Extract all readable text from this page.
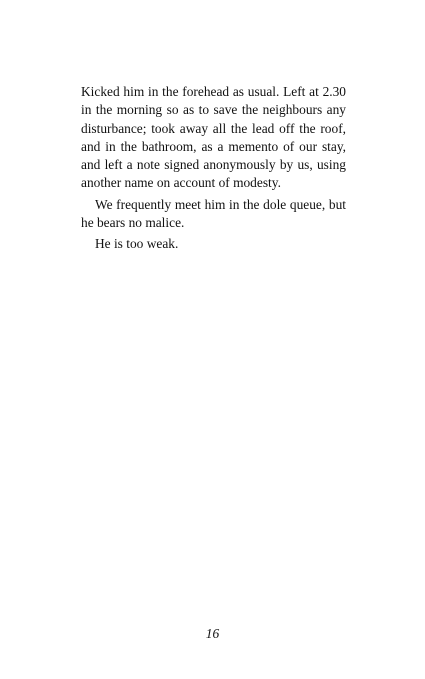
Kicked him in the forehead as usual. Left at 2.30 in the morning so as to save the neighbours any disturbance; took away all the lead off the roof, and in the bathroom, as a memento of our stay, and left a note signed anonymously by us, using another name on account of modesty.

We frequently meet him in the dole queue, but he bears no malice.

He is too weak.

16
